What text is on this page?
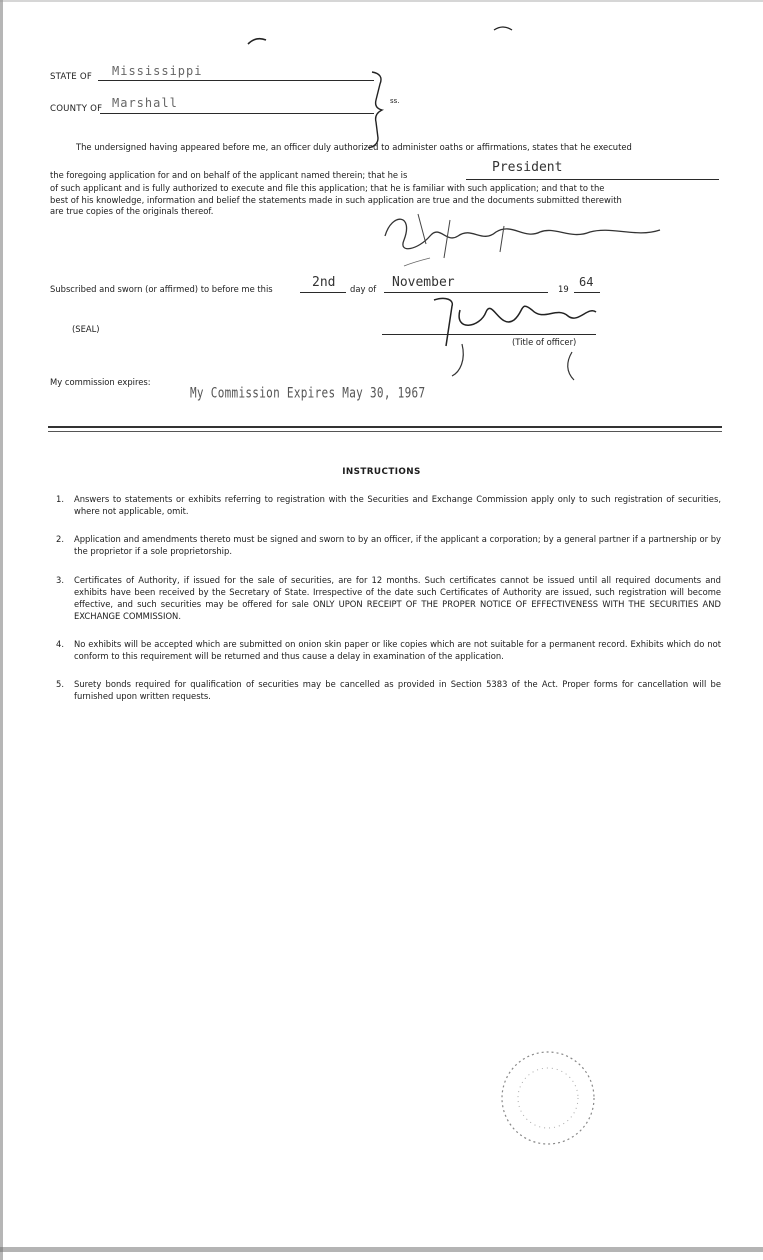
STATE OF Mississippi
COUNTY OF Marshall	ss.
The undersigned having appeared before me, an officer duly authorized to administer oaths or affirmations, states that he executed
the foregoing application for and on behalf of the applicant named therein; that he is	President
of such applicant and is fully authorized to execute and file this application; that he is familiar with such application; and that to the
best of his knowledge, information and belief the statements made in such application are true and the documents submitted therewith
are true copies of the originals thereof.
Subscribed and sworn (or affirmed) to before me this	2nd day of November	19 64
(SEAL)
(Title of officer)
My commission expires:
My Commission Expires May 30, 1967
INSTRUCTIONS
1. Answers to statements or exhibits referring to registration with the Securities and Exchange Commission apply only to such registration of securities, where not applicable, omit.
2. Application and amendments thereto must be signed and sworn to by an officer, if the applicant a corporation; by a general partner if a partnership or by the proprietor if a sole proprietorship.
3. Certificates of Authority, if issued for the sale of securities, are for 12 months. Such certificates cannot be issued until all required documents and exhibits have been received by the Secretary of State. Irrespective of the date such Certificates of Authority are issued, such registration will become effective, and such securities may be offered for sale ONLY UPON RECEIPT OF THE PROPER NOTICE OF EFFECTIVENESS WITH THE SECURITIES AND EXCHANGE COMMISSION.
4. No exhibits will be accepted which are submitted on onion skin paper or like copies which are not suitable for a permanent record. Exhibits which do not conform to this requirement will be returned and thus cause a delay in examination of the application.
5. Surety bonds required for qualification of securities may be cancelled as provided in Section 5383 of the Act. Proper forms for cancellation will be furnished upon written requests.
